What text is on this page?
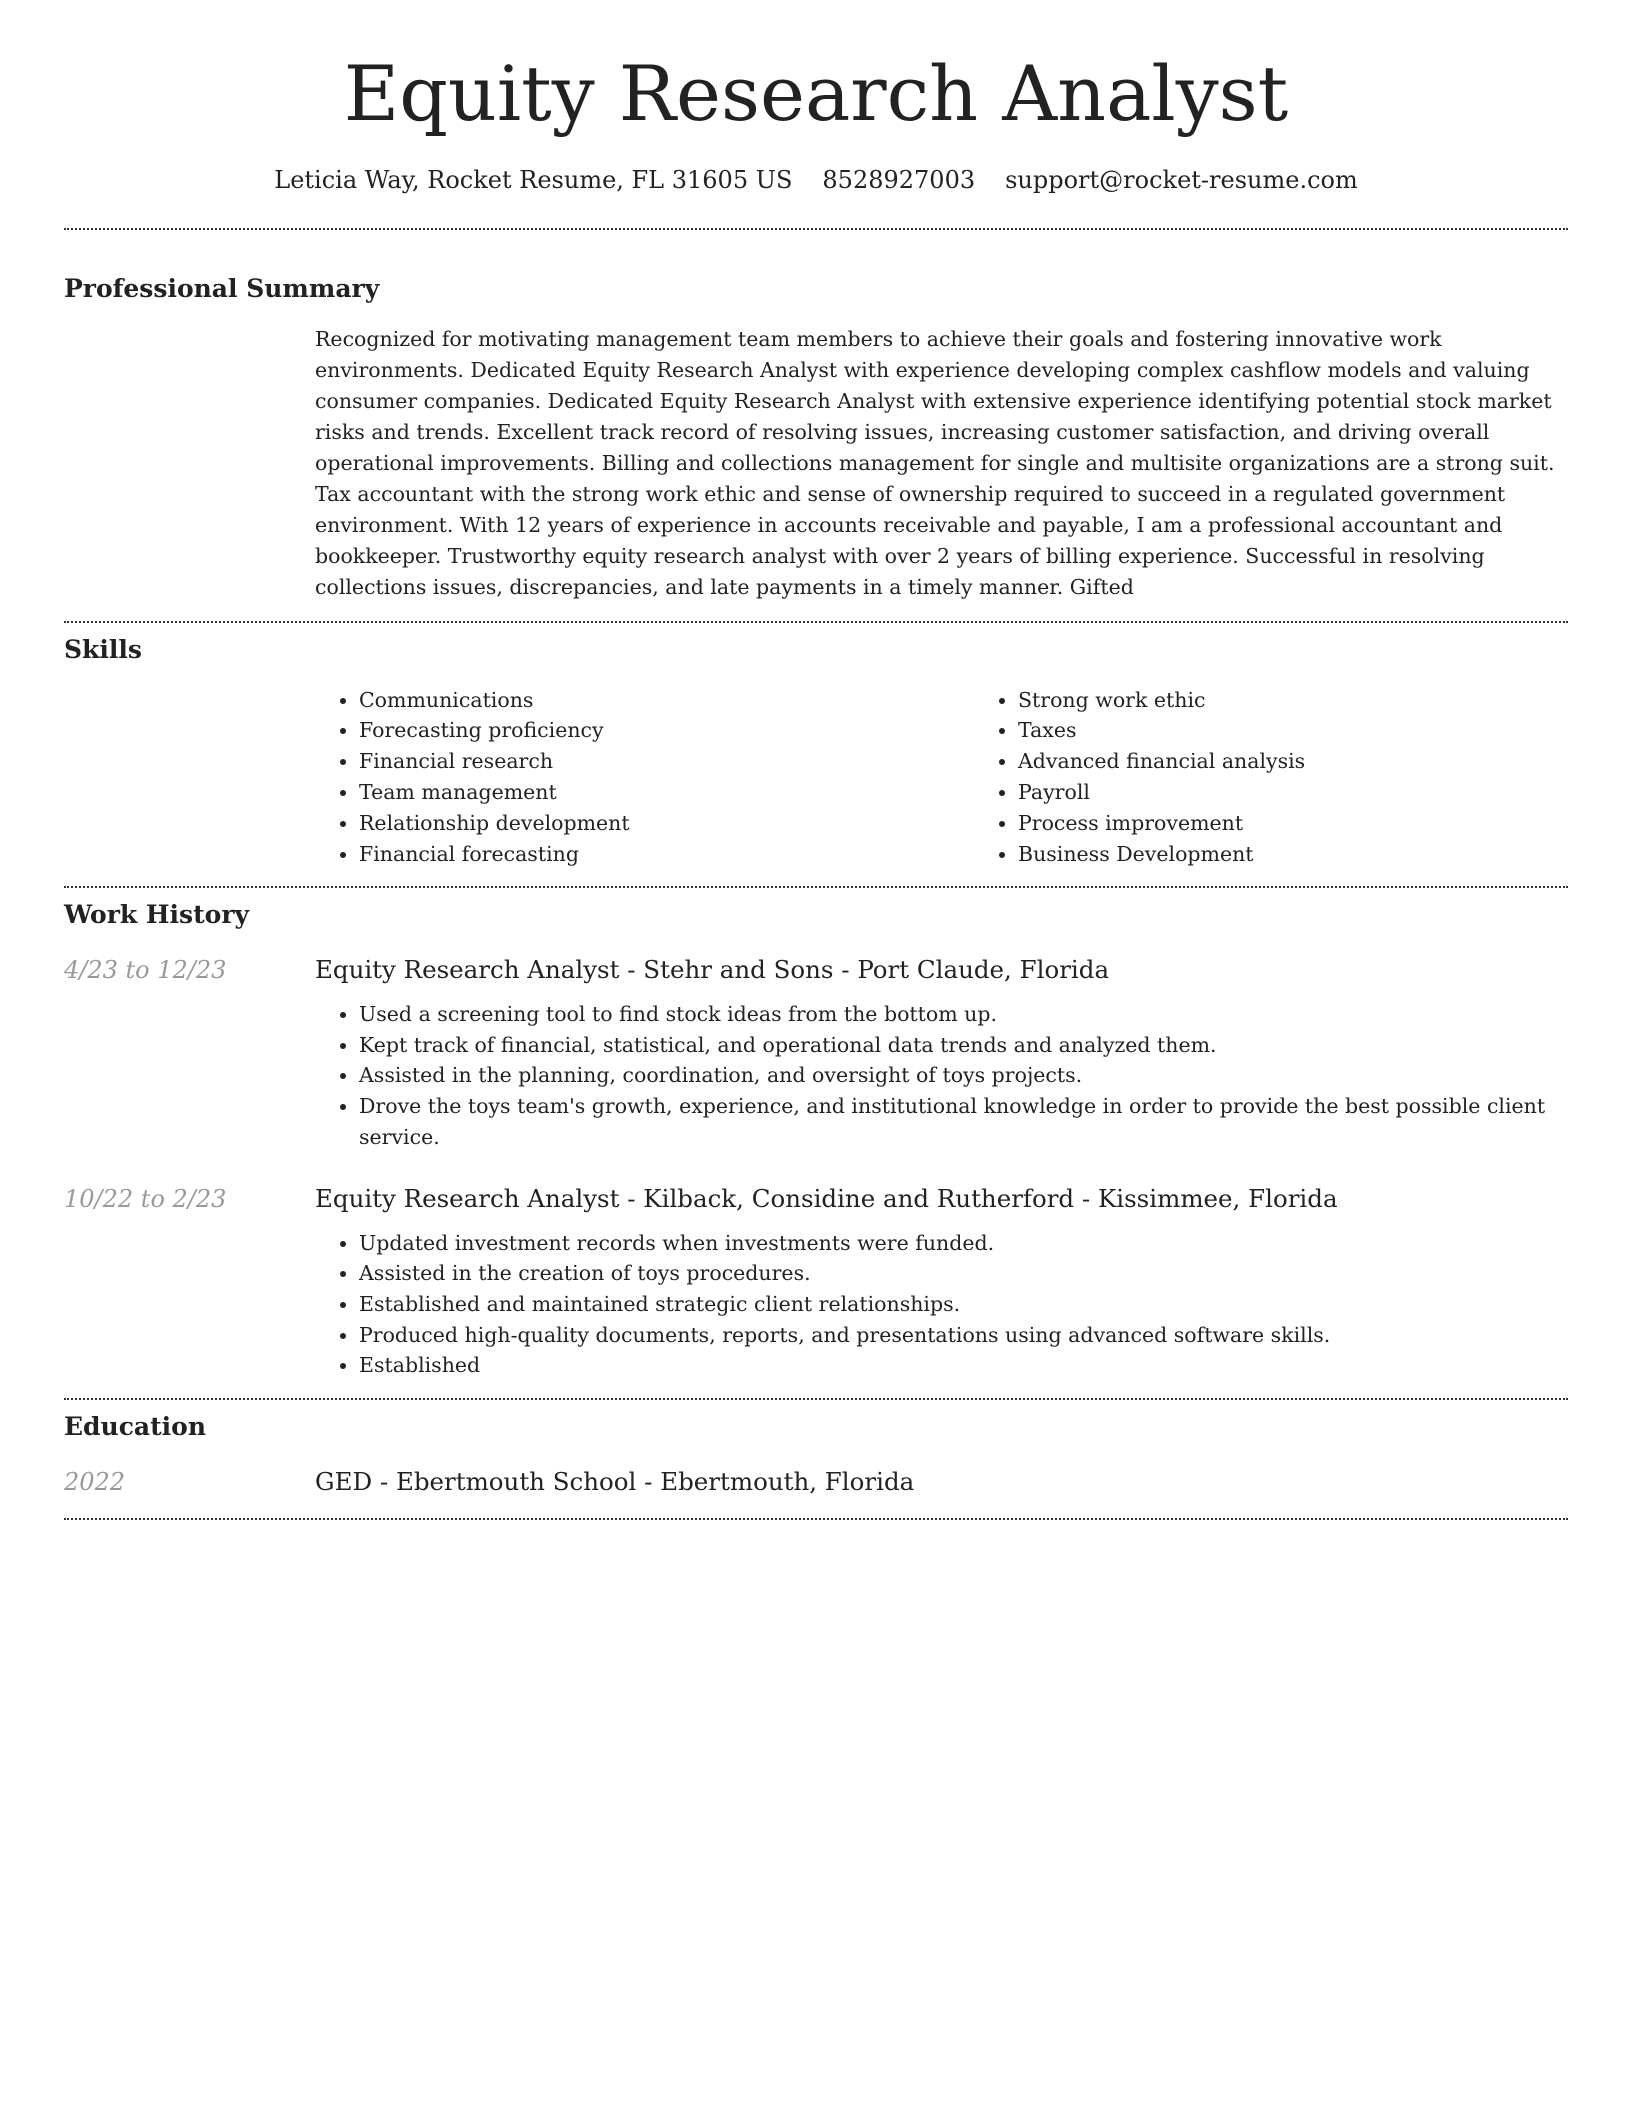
Equity Research Analyst
Leticia Way, Rocket Resume, FL 31605 US 8528927003 support@rocket-resume.com
Professional Summary
Recognized for motivating management team members to achieve their goals and fostering innovative work environments. Dedicated Equity Research Analyst with experience developing complex cashflow models and valuing consumer companies. Dedicated Equity Research Analyst with extensive experience identifying potential stock market risks and trends. Excellent track record of resolving issues, increasing customer satisfaction, and driving overall operational improvements. Billing and collections management for single and multisite organizations are a strong suit. Tax accountant with the strong work ethic and sense of ownership required to succeed in a regulated government environment. With 12 years of experience in accounts receivable and payable, I am a professional accountant and bookkeeper. Trustworthy equity research analyst with over 2 years of billing experience. Successful in resolving collections issues, discrepancies, and late payments in a timely manner. Gifted
Skills
• Communications
• Forecasting proficiency
• Financial research
• Team management
• Relationship development
• Financial forecasting
• Strong work ethic
• Taxes
• Advanced financial analysis
• Payroll
• Process improvement
• Business Development
Work History
4/23 to 12/23	Equity Research Analyst - Stehr and Sons - Port Claude, Florida
• Used a screening tool to find stock ideas from the bottom up.
• Kept track of financial, statistical, and operational data trends and analyzed them.
• Assisted in the planning, coordination, and oversight of toys projects.
• Drove the toys team's growth, experience, and institutional knowledge in order to provide the best possible client service.
10/22 to 2/23	Equity Research Analyst - Kilback, Considine and Rutherford - Kissimmee, Florida
• Updated investment records when investments were funded.
• Assisted in the creation of toys procedures.
• Established and maintained strategic client relationships.
• Produced high-quality documents, reports, and presentations using advanced software skills.
• Established
Education
2022	GED - Ebertmouth School - Ebertmouth, Florida
